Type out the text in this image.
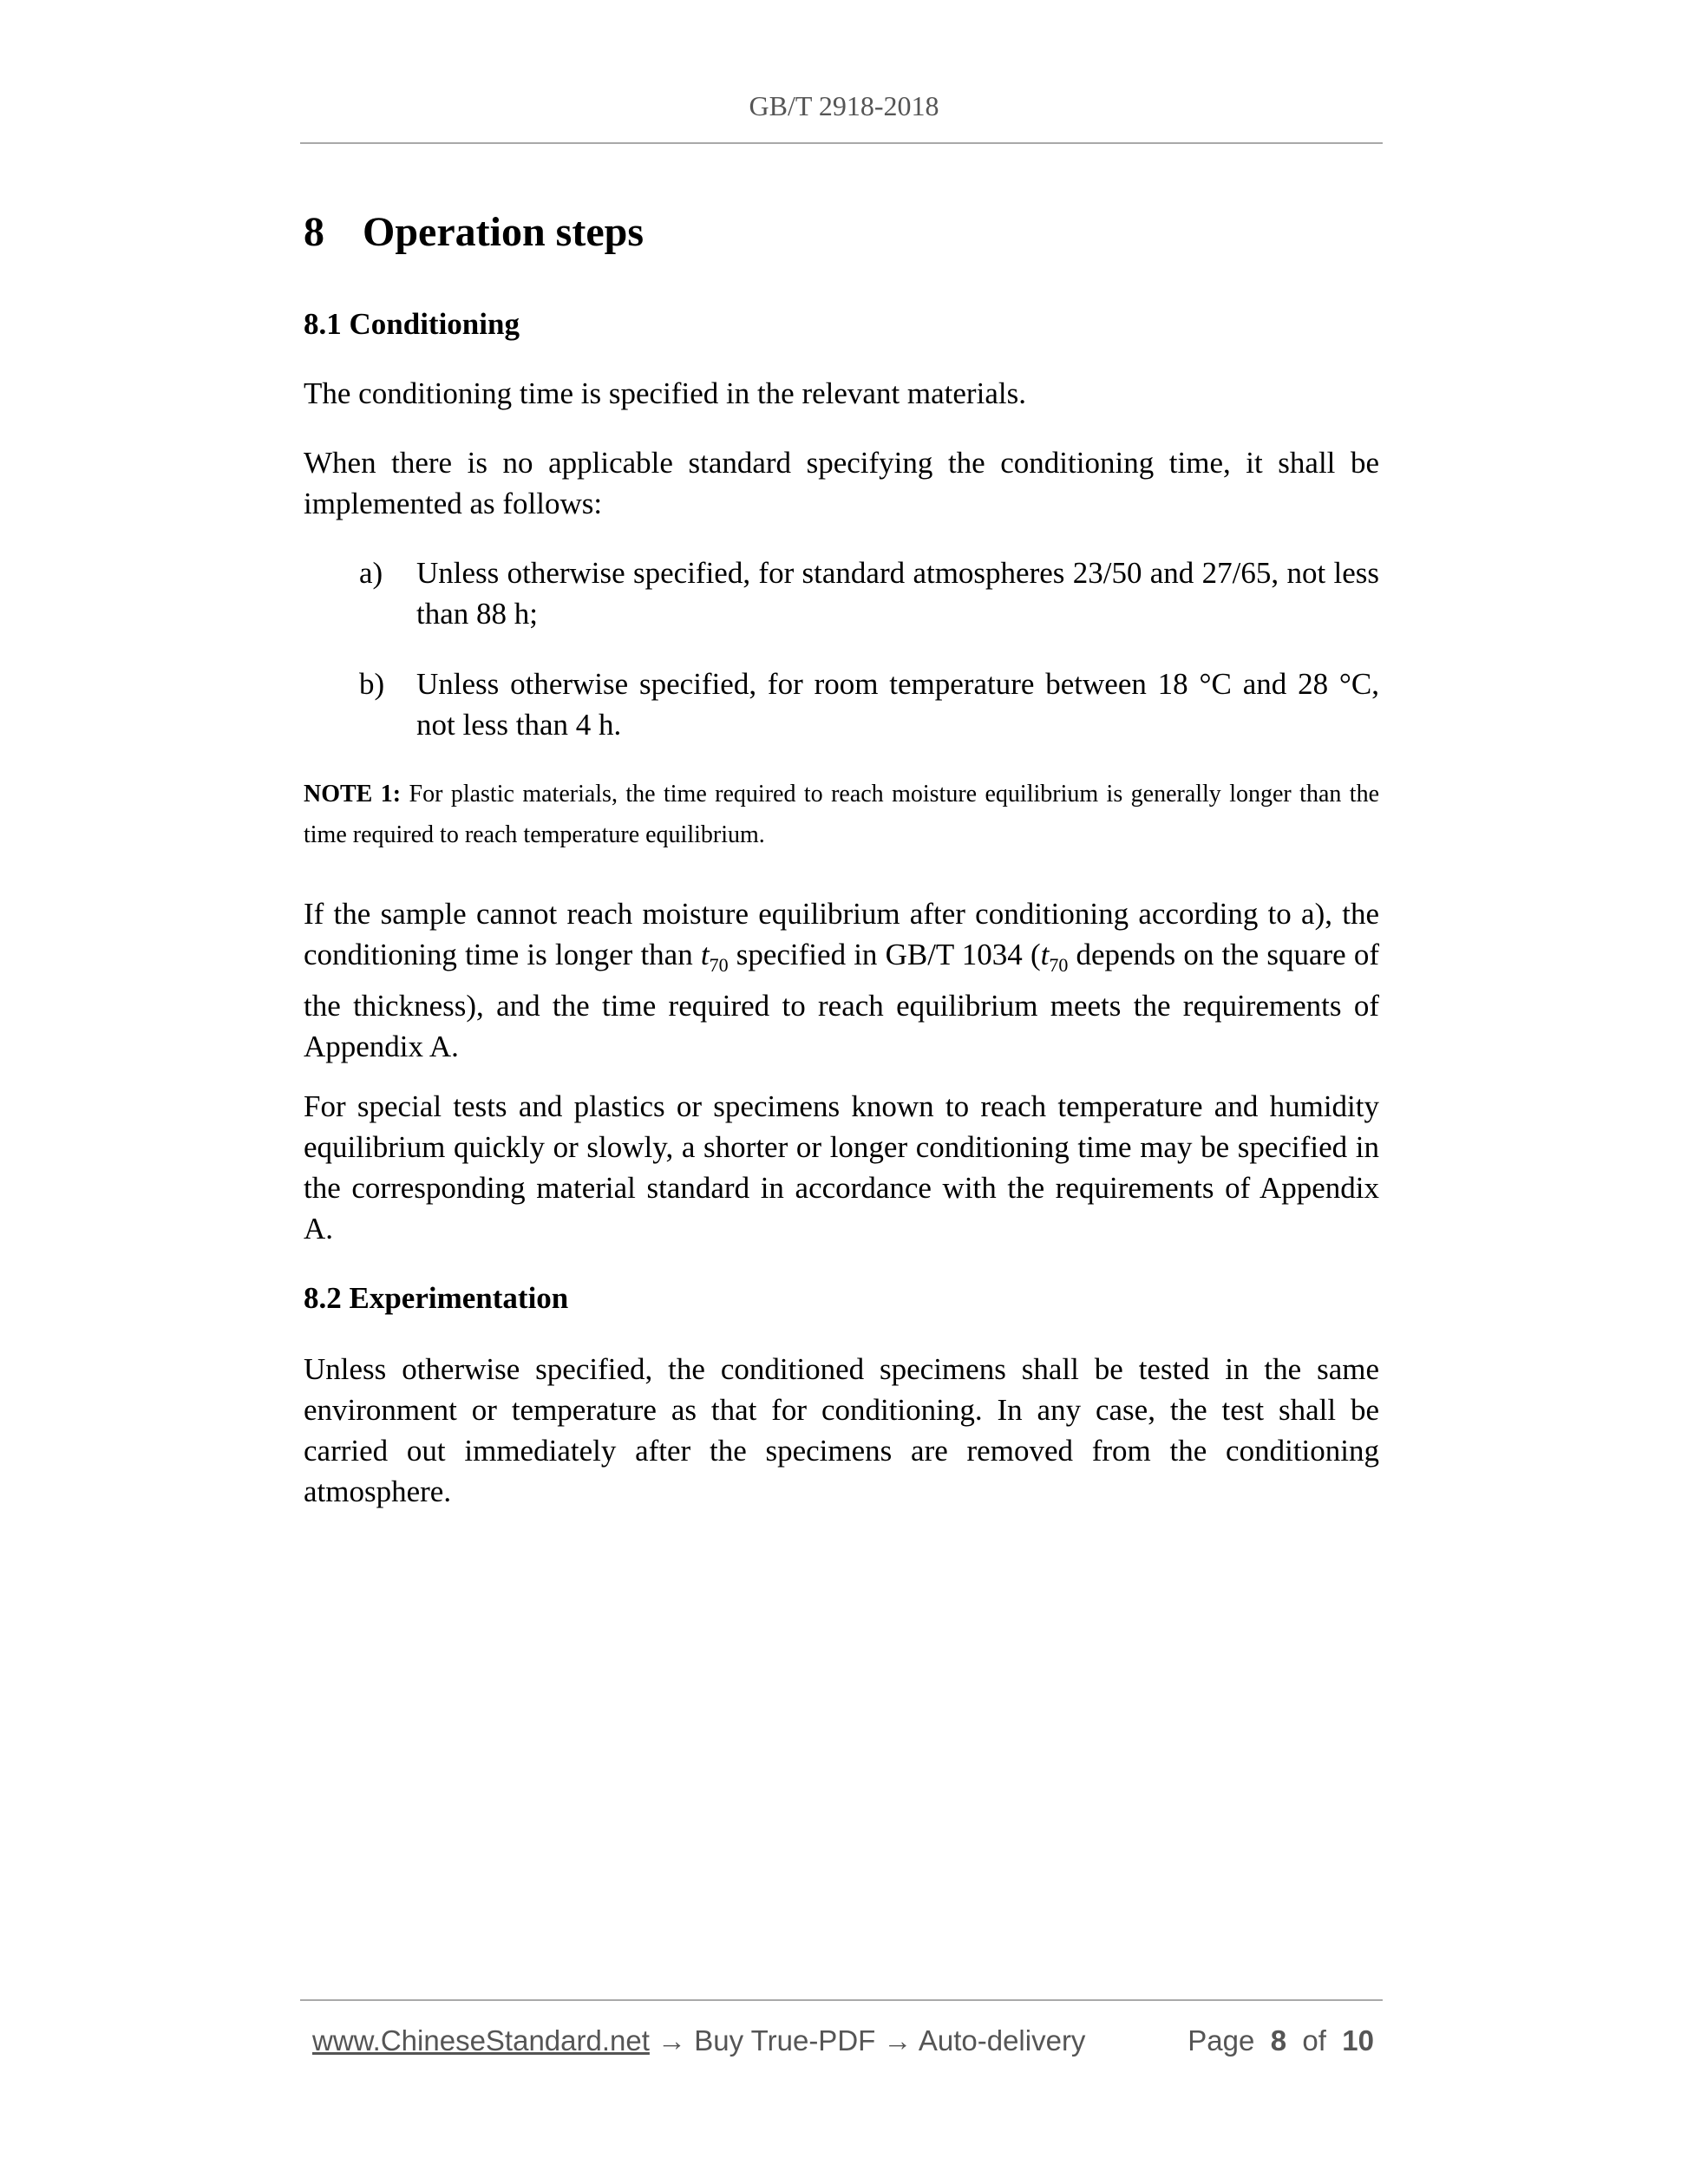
GB/T 2918-2018
8 Operation steps
8.1 Conditioning
The conditioning time is specified in the relevant materials.
When there is no applicable standard specifying the conditioning time, it shall be implemented as follows:
a) Unless otherwise specified, for standard atmospheres 23/50 and 27/65, not less than 88 h;
b) Unless otherwise specified, for room temperature between 18 °C and 28 °C, not less than 4 h.
NOTE 1: For plastic materials, the time required to reach moisture equilibrium is generally longer than the time required to reach temperature equilibrium.
If the sample cannot reach moisture equilibrium after conditioning according to a), the conditioning time is longer than $t_{70}$ specified in GB/T 1034 ($t_{70}$ depends on the square of the thickness), and the time required to reach equilibrium meets the requirements of Appendix A.
For special tests and plastics or specimens known to reach temperature and humidity equilibrium quickly or slowly, a shorter or longer conditioning time may be specified in the corresponding material standard in accordance with the requirements of Appendix A.
8.2 Experimentation
Unless otherwise specified, the conditioned specimens shall be tested in the same environment or temperature as that for conditioning. In any case, the test shall be carried out immediately after the specimens are removed from the conditioning atmosphere.
www.ChineseStandard.net → Buy True-PDF → Auto-delivery	Page 8 of 10
